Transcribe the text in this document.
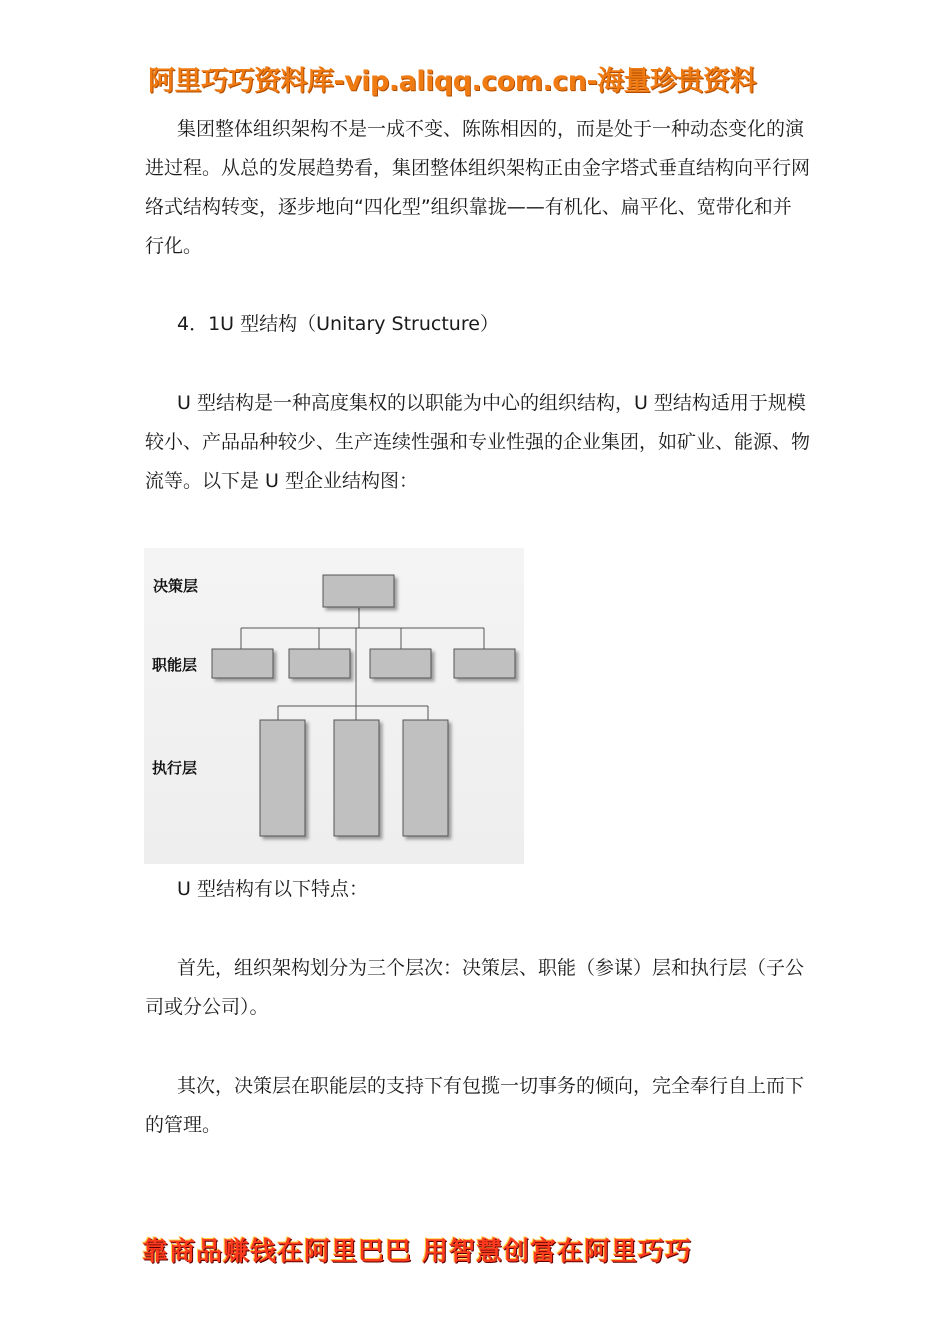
阿里巧巧资料库-vip.aliqq.com.cn-海量珍贵资料

集团整体组织架构不是一成不变、陈陈相因的，而是处于一种动态变化的演进过程。从总的发展趋势看，集团整体组织架构正由金字塔式垂直结构向平行网络式结构转变，逐步地向“四化型”组织靠拢——有机化、扁平化、宽带化和并行化。

4．1U 型结构（Unitary Structure）

U 型结构是一种高度集权的以职能为中心的组织结构，U 型结构适用于规模较小、产品品种较少、生产连续性强和专业性强的企业集团，如矿业、能源、物流等。以下是 U 型企业结构图：

决策层
职能层
执行层
U 型结构有以下特点：

首先，组织架构划分为三个层次：决策层、职能（参谋）层和执行层（子公司或分公司）。

其次，决策层在职能层的支持下有包揽一切事务的倾向，完全奉行自上而下的管理。

靠商品赚钱在阿里巴巴 用智慧创富在阿里巧巧
